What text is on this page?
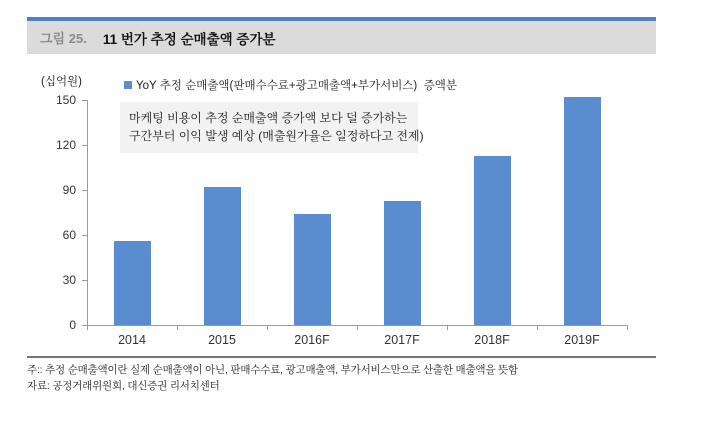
그림 25. 11 번가 추정 순매출액 증가분
(십억원)	YoY 추정 순매출액(판매수수료+광고매출액+부가서비스)  증액분
마케팅 비용이 추정 순매출액 증가액 보다 덜 증가하는
구간부터 이익 발생 예상 (매출원가율은 일정하다고 전제)
0
30
60
90
120
150
2014	2015	2016F	2017F	2018F	2019F
주:: 추정 순매출액이란 실제 순매출액이 아닌, 판매수수료, 광고매출액, 부가서비스만으로 산출한 매출액을 뜻함
자료: 공정거래위원회, 대신증권 리서치센터
